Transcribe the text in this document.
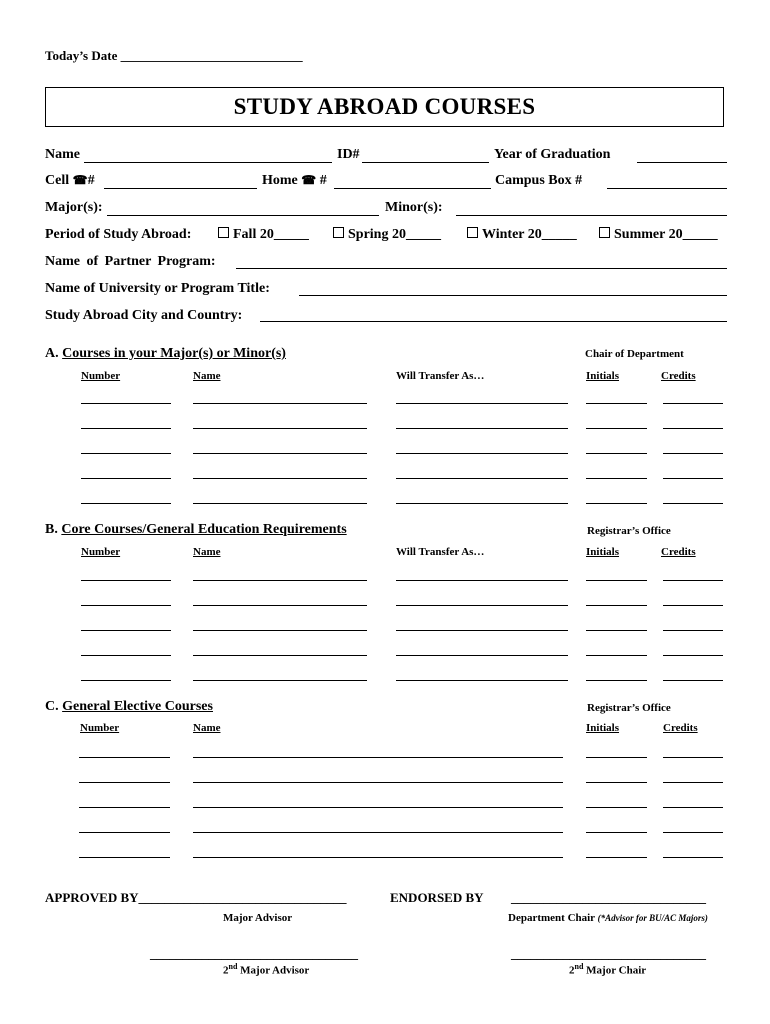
Today’s Date ____________________________
STUDY ABROAD COURSES
Name	ID#	Year of Graduation
Cell ☎#	Home ☎ #	Campus Box #
Major(s):	Minor(s):
Period of Study Abroad:	Fall 20_____	Spring 20_____	Winter 20_____	Summer 20_____
Name of Partner Program:
Name of University or Program Title:
Study Abroad City and Country:
A. Courses in your Major(s) or Minor(s)	Chair of Department
Number	Name	Will Transfer As…	Initials	Credits
B. Core Courses/General Education Requirements	Registrar’s Office
Number	Name	Will Transfer As…	Initials	Credits
C. General Elective Courses	Registrar’s Office
Number	Name	Initials	Credits
APPROVED BY________________________________	ENDORSED BY ______________________________
Major Advisor	Department Chair (*Advisor for BU/AC Majors)
________________________________	______________________________
2nd Major Advisor	2nd Major Chair
